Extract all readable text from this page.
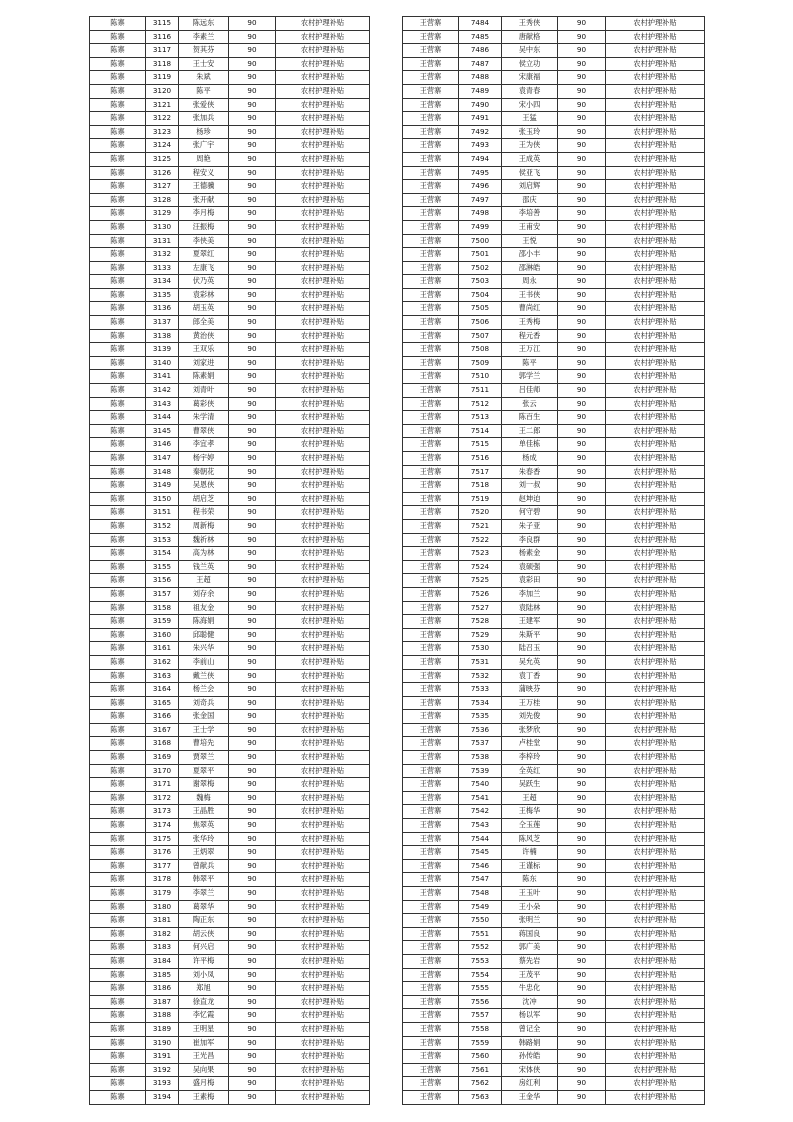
陈寨	3115	陈远东	90	农村护理补贴
陈寨	3116	李素兰	90	农村护理补贴
陈寨	3117	贺其芬	90	农村护理补贴
陈寨	3118	王士安	90	农村护理补贴
陈寨	3119	朱斌	90	农村护理补贴
陈寨	3120	陈平	90	农村护理补贴
陈寨	3121	张爱侠	90	农村护理补贴
陈寨	3122	张加兵	90	农村护理补贴
陈寨	3123	杨珍	90	农村护理补贴
陈寨	3124	张广宇	90	农村护理补贴
陈寨	3125	周艳	90	农村护理补贴
陈寨	3126	程安义	90	农村护理补贴
陈寨	3127	王德骥	90	农村护理补贴
陈寨	3128	张开献	90	农村护理补贴
陈寨	3129	李月梅	90	农村护理补贴
陈寨	3130	汪振梅	90	农村护理补贴
陈寨	3131	李侠美	90	农村护理补贴
陈寨	3132	夏翠红	90	农村护理补贴
陈寨	3133	左康飞	90	农村护理补贴
陈寨	3134	伏乃英	90	农村护理补贴
陈寨	3135	袁彩林	90	农村护理补贴
陈寨	3136	胡玉英	90	农村护理补贴
陈寨	3137	郎全美	90	农村护理补贴
陈寨	3138	黄治侠	90	农村护理补贴
陈寨	3139	王双乐	90	农村护理补贴
陈寨	3140	刘家进	90	农村护理补贴
陈寨	3141	陈素娟	90	农村护理补贴
陈寨	3142	刘青叶	90	农村护理补贴
陈寨	3143	葛彩侠	90	农村护理补贴
陈寨	3144	朱学清	90	农村护理补贴
陈寨	3145	曹翠侠	90	农村护理补贴
陈寨	3146	李宜孝	90	农村护理补贴
陈寨	3147	杨宇婷	90	农村护理补贴
陈寨	3148	秦朝花	90	农村护理补贴
陈寨	3149	吴恩侠	90	农村护理补贴
陈寨	3150	胡启芝	90	农村护理补贴
陈寨	3151	程书荣	90	农村护理补贴
陈寨	3152	周新梅	90	农村护理补贴
陈寨	3153	魏祈林	90	农村护理补贴
陈寨	3154	高为林	90	农村护理补贴
陈寨	3155	钱兰英	90	农村护理补贴
陈寨	3156	王超	90	农村护理补贴
陈寨	3157	刘存余	90	农村护理补贴
陈寨	3158	祖友金	90	农村护理补贴
陈寨	3159	陈海娟	90	农村护理补贴
陈寨	3160	邱聪健	90	农村护理补贴
陈寨	3161	朱兴华	90	农村护理补贴
陈寨	3162	李前山	90	农村护理补贴
陈寨	3163	戴兰侠	90	农村护理补贴
陈寨	3164	杨兰会	90	农村护理补贴
陈寨	3165	刘奇兵	90	农村护理补贴
陈寨	3166	张金国	90	农村护理补贴
陈寨	3167	王士学	90	农村护理补贴
陈寨	3168	曹培先	90	农村护理补贴
陈寨	3169	贾翠兰	90	农村护理补贴
陈寨	3170	夏翠平	90	农村护理补贴
陈寨	3171	谢翠梅	90	农村护理补贴
陈寨	3172	魏梅	90	农村护理补贴
陈寨	3173	王晶胜	90	农村护理补贴
陈寨	3174	焦翠英	90	农村护理补贴
陈寨	3175	张华玲	90	农村护理补贴
陈寨	3176	王炳翠	90	农村护理补贴
陈寨	3177	曾献兵	90	农村护理补贴
陈寨	3178	韩翠平	90	农村护理补贴
陈寨	3179	李翠兰	90	农村护理补贴
陈寨	3180	葛翠华	90	农村护理补贴
陈寨	3181	陶正东	90	农村护理补贴
陈寨	3182	胡云侠	90	农村护理补贴
陈寨	3183	何兴启	90	农村护理补贴
陈寨	3184	许平梅	90	农村护理补贴
陈寨	3185	刘小凤	90	农村护理补贴
陈寨	3186	郑旭	90	农村护理补贴
陈寨	3187	徐直龙	90	农村护理补贴
陈寨	3188	李忆霞	90	农村护理补贴
陈寨	3189	王明星	90	农村护理补贴
陈寨	3190	崔加军	90	农村护理补贴
陈寨	3191	王光昌	90	农村护理补贴
陈寨	3192	吴向果	90	农村护理补贴
陈寨	3193	盛月梅	90	农村护理补贴
陈寨	3194	王素梅	90	农村护理补贴
王营寨	7484	王秀侠	90	农村护理补贴
王营寨	7485	唐献格	90	农村护理补贴
王营寨	7486	吴中东	90	农村护理补贴
王营寨	7487	侯立功	90	农村护理补贴
王营寨	7488	宋康福	90	农村护理补贴
王营寨	7489	袁青春	90	农村护理补贴
王营寨	7490	宋小四	90	农村护理补贴
王营寨	7491	王猛	90	农村护理补贴
王营寨	7492	张玉玲	90	农村护理补贴
王营寨	7493	王为侠	90	农村护理补贴
王营寨	7494	王成英	90	农村护理补贴
王营寨	7495	侯亚飞	90	农村护理补贴
王营寨	7496	刘启辉	90	农村护理补贴
王营寨	7497	邵庆	90	农村护理补贴
王营寨	7498	李培善	90	农村护理补贴
王营寨	7499	王甫安	90	农村护理补贴
王营寨	7500	王悦	90	农村护理补贴
王营寨	7501	邵小丰	90	农村护理补贴
王营寨	7502	邵淋皓	90	农村护理补贴
王营寨	7503	周永	90	农村护理补贴
王营寨	7504	王书侠	90	农村护理补贴
王营寨	7505	曹尚红	90	农村护理补贴
王营寨	7506	王秀梅	90	农村护理补贴
王营寨	7507	程元香	90	农村护理补贴
王营寨	7508	王万江	90	农村护理补贴
王营寨	7509	陈平	90	农村护理补贴
王营寨	7510	郭学兰	90	农村护理补贴
王营寨	7511	吕佳师	90	农村护理补贴
王营寨	7512	张云	90	农村护理补贴
王营寨	7513	陈百生	90	农村护理补贴
王营寨	7514	王二郎	90	农村护理补贴
王营寨	7515	单佳栋	90	农村护理补贴
王营寨	7516	杨成	90	农村护理补贴
王营寨	7517	朱春香	90	农村护理补贴
王营寨	7518	刘一叔	90	农村护理补贴
王营寨	7519	赵坤迫	90	农村护理补贴
王营寨	7520	何守碧	90	农村护理补贴
王营寨	7521	朱子亚	90	农村护理补贴
王营寨	7522	李良群	90	农村护理补贴
王营寨	7523	杨素金	90	农村护理补贴
王营寨	7524	袁硕强	90	农村护理补贴
王营寨	7525	袁彩田	90	农村护理补贴
王营寨	7526	李加兰	90	农村护理补贴
王营寨	7527	袁陆林	90	农村护理补贴
王营寨	7528	王建军	90	农村护理补贴
王营寨	7529	朱斯平	90	农村护理补贴
王营寨	7530	陆召玉	90	农村护理补贴
王营寨	7531	吴允英	90	农村护理补贴
王营寨	7532	袁丁香	90	农村护理补贴
王营寨	7533	蒲映芬	90	农村护理补贴
王营寨	7534	王万桂	90	农村护理补贴
王营寨	7535	刘先俊	90	农村护理补贴
王营寨	7536	张梦欣	90	农村护理补贴
王营寨	7537	卢桂堂	90	农村护理补贴
王营寨	7538	李梓玲	90	农村护理补贴
王营寨	7539	全英红	90	农村护理补贴
王营寨	7540	吴跃生	90	农村护理补贴
王营寨	7541	王超	90	农村护理补贴
王营寨	7542	王梅华	90	农村护理补贴
王营寨	7543	仝玉莲	90	农村护理补贴
王营寨	7544	陈风芝	90	农村护理补贴
王营寨	7545	许楠	90	农村护理补贴
王营寨	7546	王谨标	90	农村护理补贴
王营寨	7547	陈东	90	农村护理补贴
王营寨	7548	王玉叶	90	农村护理补贴
王营寨	7549	王小朵	90	农村护理补贴
王营寨	7550	张明兰	90	农村护理补贴
王营寨	7551	蒋国良	90	农村护理补贴
王营寨	7552	郭广美	90	农村护理补贴
王营寨	7553	蔡先岩	90	农村护理补贴
王营寨	7554	王茂平	90	农村护理补贴
王营寨	7555	牛忠化	90	农村护理补贴
王营寨	7556	沈冲	90	农村护理补贴
王营寨	7557	杨以军	90	农村护理补贴
王营寨	7558	曾记全	90	农村护理补贴
王营寨	7559	韩路娟	90	农村护理补贴
王营寨	7560	孙传皓	90	农村护理补贴
王营寨	7561	宋体侠	90	农村护理补贴
王营寨	7562	房红利	90	农村护理补贴
王营寨	7563	王金华	90	农村护理补贴
